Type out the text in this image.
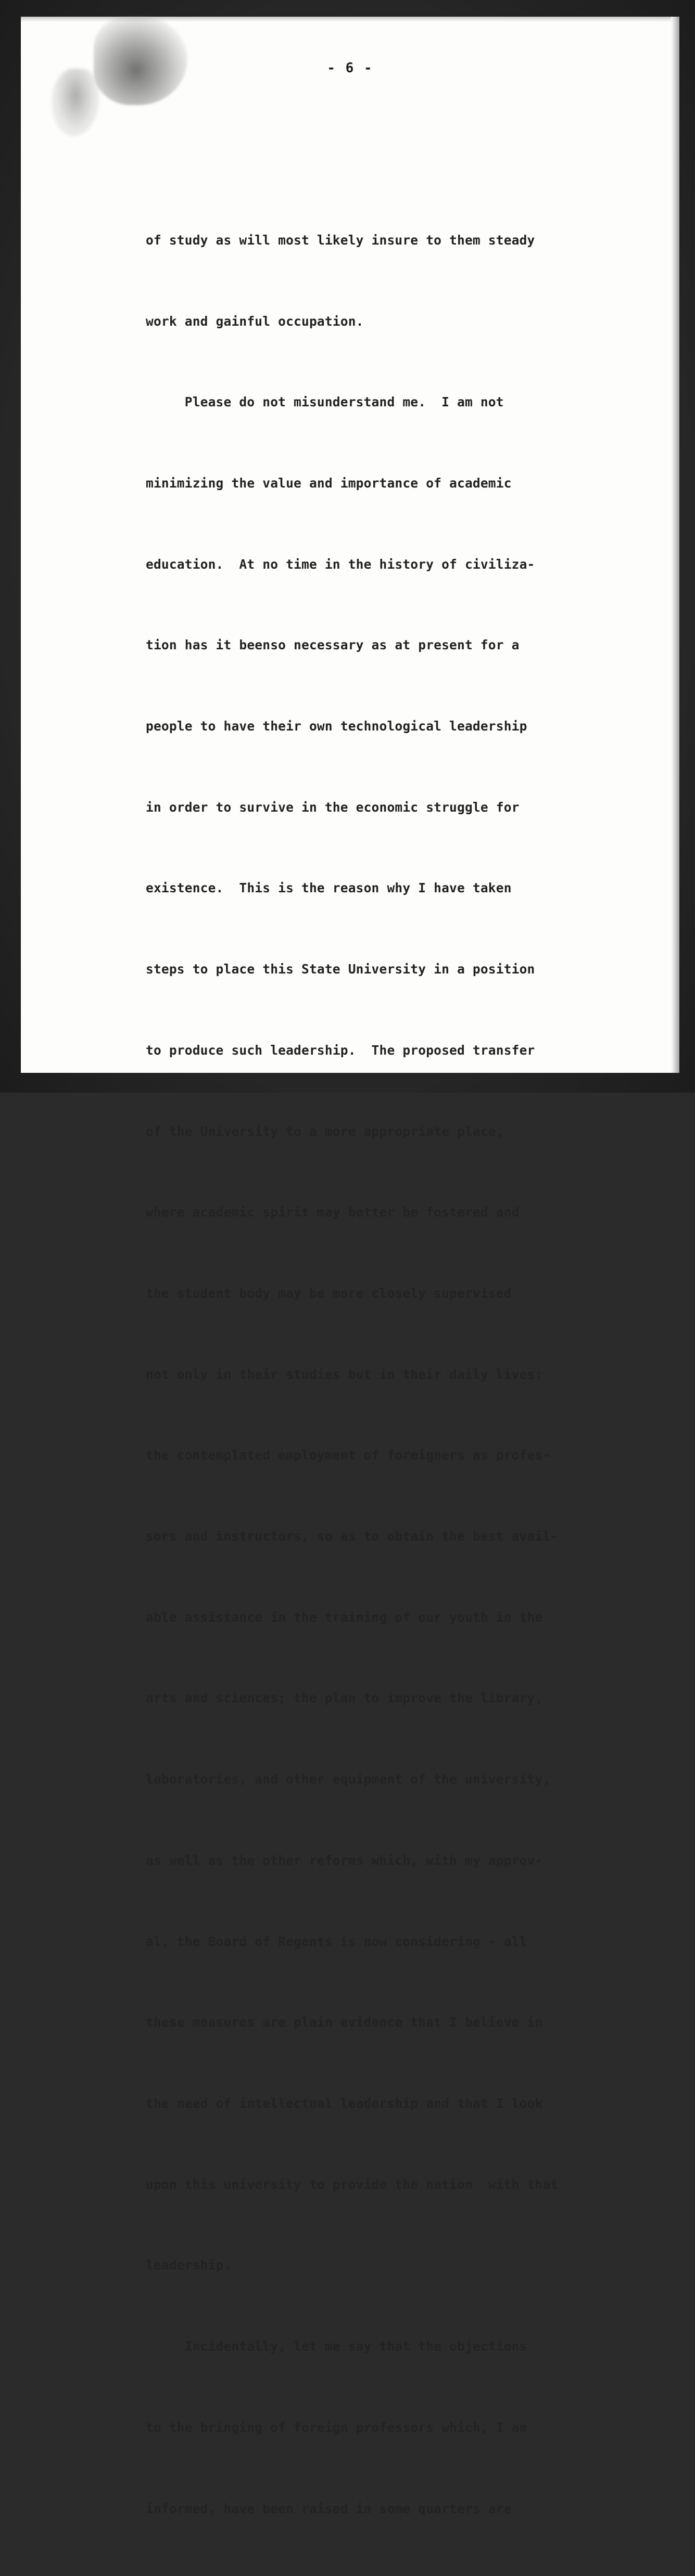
- 6 -

of study as will most likely insure to them steady

work and gainful occupation.

Please do not misunderstand me.  I am not

minimizing the value and importance of academic

education.  At no time in the history of civiliza-

tion has it beenso necessary as at present for a

people to have their own technological leadership

in order to survive in the economic struggle for

existence.  This is the reason why I have taken

steps to place this State University in a position

to produce such leadership.  The proposed transfer

of the University to a more appropriate place,

where academic spirit may better be fostered and

the student body may be more closely supervised

not only in their studies but in their daily lives;

the contemplated employment of foreigners as profes-

sors and instructors, so as to obtain the best avail-

able assistance in the training of our youth in the

arts and sciences; the plan to improve the library,

laboratories, and other equipment of the university,

as well as the other reforms which, with my approv-

al, the Board of Regents is now considering - all

these measures are plain evidence that I believe in

the need of intellectual leadership and that I look

upon this university to provide the nation  with that

leadership.

Incidentally, let me say that the objections

to the bringing of foreign professors which, I am

informed, have been raised in some quarters are
